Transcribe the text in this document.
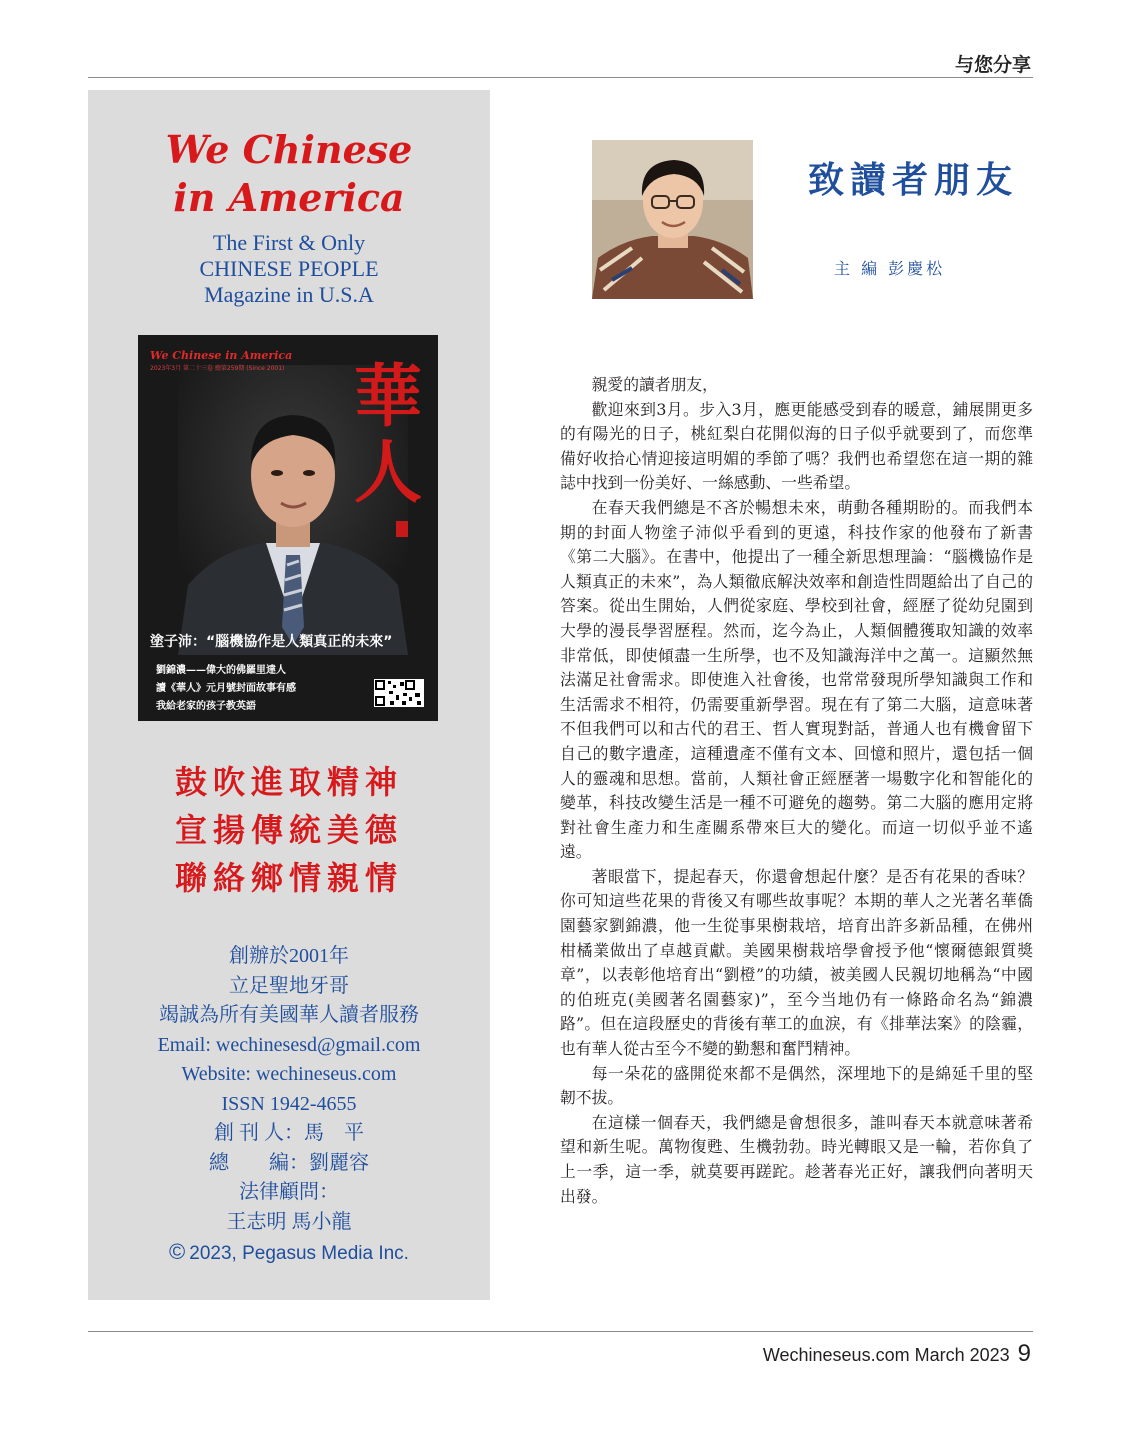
与您分享
We Chinese
in America
The First & Only
CHINESE PEOPLE
Magazine in U.S.A
We Chinese in America
2023年3月 第二十三卷 總第259期 (Since 2001) 華
人
塗子沛：“腦機協作是人類真正的未來”
劉錦濃——偉大的佛羅里達人
讀《華人》元月號封面故事有感
我給老家的孩子教英語
鼓吹進取精神
宣揚傳統美德
聯絡鄉情親情
創辦於2001年
立足聖地牙哥
竭誠為所有美國華人讀者服務
Email: wechinesesd@gmail.com
Website: wechineseus.com
ISSN 1942-4655
創 刊 人：馬　平
總　　編：劉麗容
法律顧問：
王志明 馬小龍
© 2023, Pegasus Media Inc.
致讀者朋友
主 編 彭慶松

親愛的讀者朋友，

歡迎來到3月。步入3月，應更能感受到春的暖意，鋪展開更多的有陽光的日子，桃紅梨白花開似海的日子似乎就要到了，而您準備好收拾心情迎接這明媚的季節了嗎？我們也希望您在這一期的雜誌中找到一份美好、一絲感動、一些希望。

在春天我們總是不吝於暢想未來，萌動各種期盼的。而我們本期的封面人物塗子沛似乎看到的更遠，科技作家的他發布了新書《第二大腦》。在書中，他提出了一種全新思想理論：“腦機協作是人類真正的未來”，為人類徹底解決效率和創造性問題給出了自己的答案。從出生開始，人們從家庭、學校到社會，經歷了從幼兒園到大學的漫長學習歷程。然而，迄今為止，人類個體獲取知識的效率非常低，即使傾盡一生所學，也不及知識海洋中之萬一。這顯然無法滿足社會需求。即使進入社會後，也常常發現所學知識與工作和生活需求不相符，仍需要重新學習。現在有了第二大腦，這意味著不但我們可以和古代的君王、哲人實現對話，普通人也有機會留下自己的數字遺產，這種遺產不僅有文本、回憶和照片，還包括一個人的靈魂和思想。當前，人類社會正經歷著一場數字化和智能化的變革，科技改變生活是一種不可避免的趨勢。第二大腦的應用定將對社會生產力和生產關系帶來巨大的變化。而這一切似乎並不遙遠。

著眼當下，提起春天，你還會想起什麼？是否有花果的香味？你可知這些花果的背後又有哪些故事呢？本期的華人之光著名華僑園藝家劉錦濃，他一生從事果樹栽培，培育出許多新品種，在佛州柑橘業做出了卓越貢獻。美國果樹栽培學會授予他“懷爾德銀質獎章”，以表彰他培育出“劉橙”的功績，被美國人民親切地稱為“中國的伯班克(美國著名園藝家)”，至今当地仍有一條路命名為“錦濃路”。但在這段歷史的背後有華工的血淚，有《排華法案》的陰霾，也有華人從古至今不變的勤懇和奮鬥精神。

每一朵花的盛開從來都不是偶然，深埋地下的是綿延千里的堅韌不拔。

在這樣一個春天，我們總是會想很多，誰叫春天本就意味著希望和新生呢。萬物復甦、生機勃勃。時光轉眼又是一輪，若你負了上一季，這一季，就莫要再蹉跎。趁著春光正好，讓我們向著明天出發。

Wechineseus.com March 2023 9
